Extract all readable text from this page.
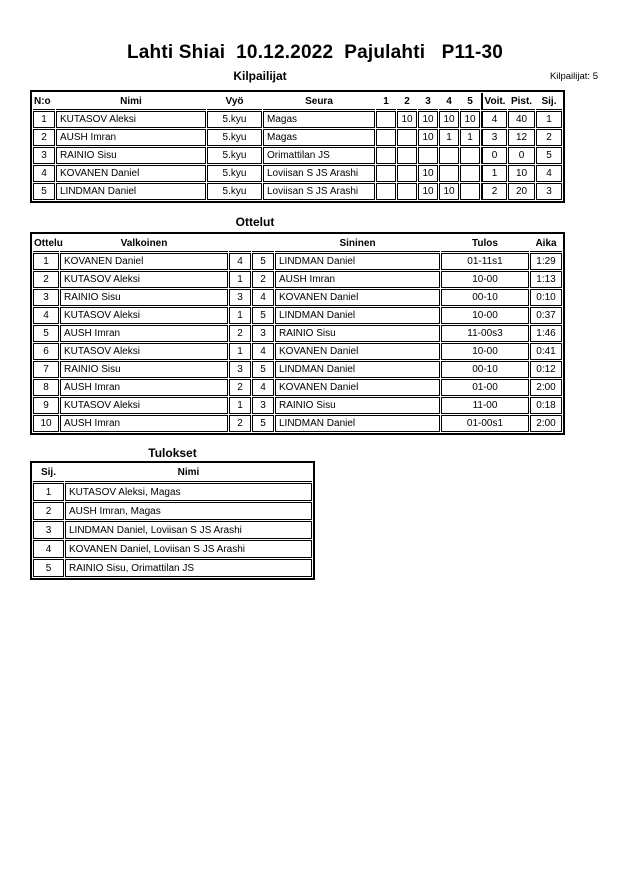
Lahti Shiai  10.12.2022  Pajulahti   P11-30
Kilpailijat	Kilpailijat: 5
N:o	Nimi	Vyö	Seura	1	2	3	4	5	Voit.	Pist.	Sij.
1	KUTASOV Aleksi	5.kyu	Magas		10	10	10	10	4	40	1
2	AUSH Imran	5.kyu	Magas			10	1	1	3	12	2
3	RAINIO Sisu	5.kyu	Orimattilan JS						0	0	5
4	KOVANEN Daniel	5.kyu	Loviisan S JS Arashi			10			1	10	4
5	LINDMAN Daniel	5.kyu	Loviisan S JS Arashi			10	10		2	20	3
Ottelut
Ottelu	Valkoinen			Sininen	Tulos	Aika
1	KOVANEN Daniel	4	5	LINDMAN Daniel	01-11s1	1:29
2	KUTASOV Aleksi	1	2	AUSH Imran	10-00	1:13
3	RAINIO Sisu	3	4	KOVANEN Daniel	00-10	0:10
4	KUTASOV Aleksi	1	5	LINDMAN Daniel	10-00	0:37
5	AUSH Imran	2	3	RAINIO Sisu	11-00s3	1:46
6	KUTASOV Aleksi	1	4	KOVANEN Daniel	10-00	0:41
7	RAINIO Sisu	3	5	LINDMAN Daniel	00-10	0:12
8	AUSH Imran	2	4	KOVANEN Daniel	01-00	2:00
9	KUTASOV Aleksi	1	3	RAINIO Sisu	11-00	0:18
10	AUSH Imran	2	5	LINDMAN Daniel	01-00s1	2:00
Tulokset
Sij.	Nimi
1	KUTASOV Aleksi, Magas
2	AUSH Imran, Magas
3	LINDMAN Daniel, Loviisan S JS Arashi
4	KOVANEN Daniel, Loviisan S JS Arashi
5	RAINIO Sisu, Orimattilan JS
